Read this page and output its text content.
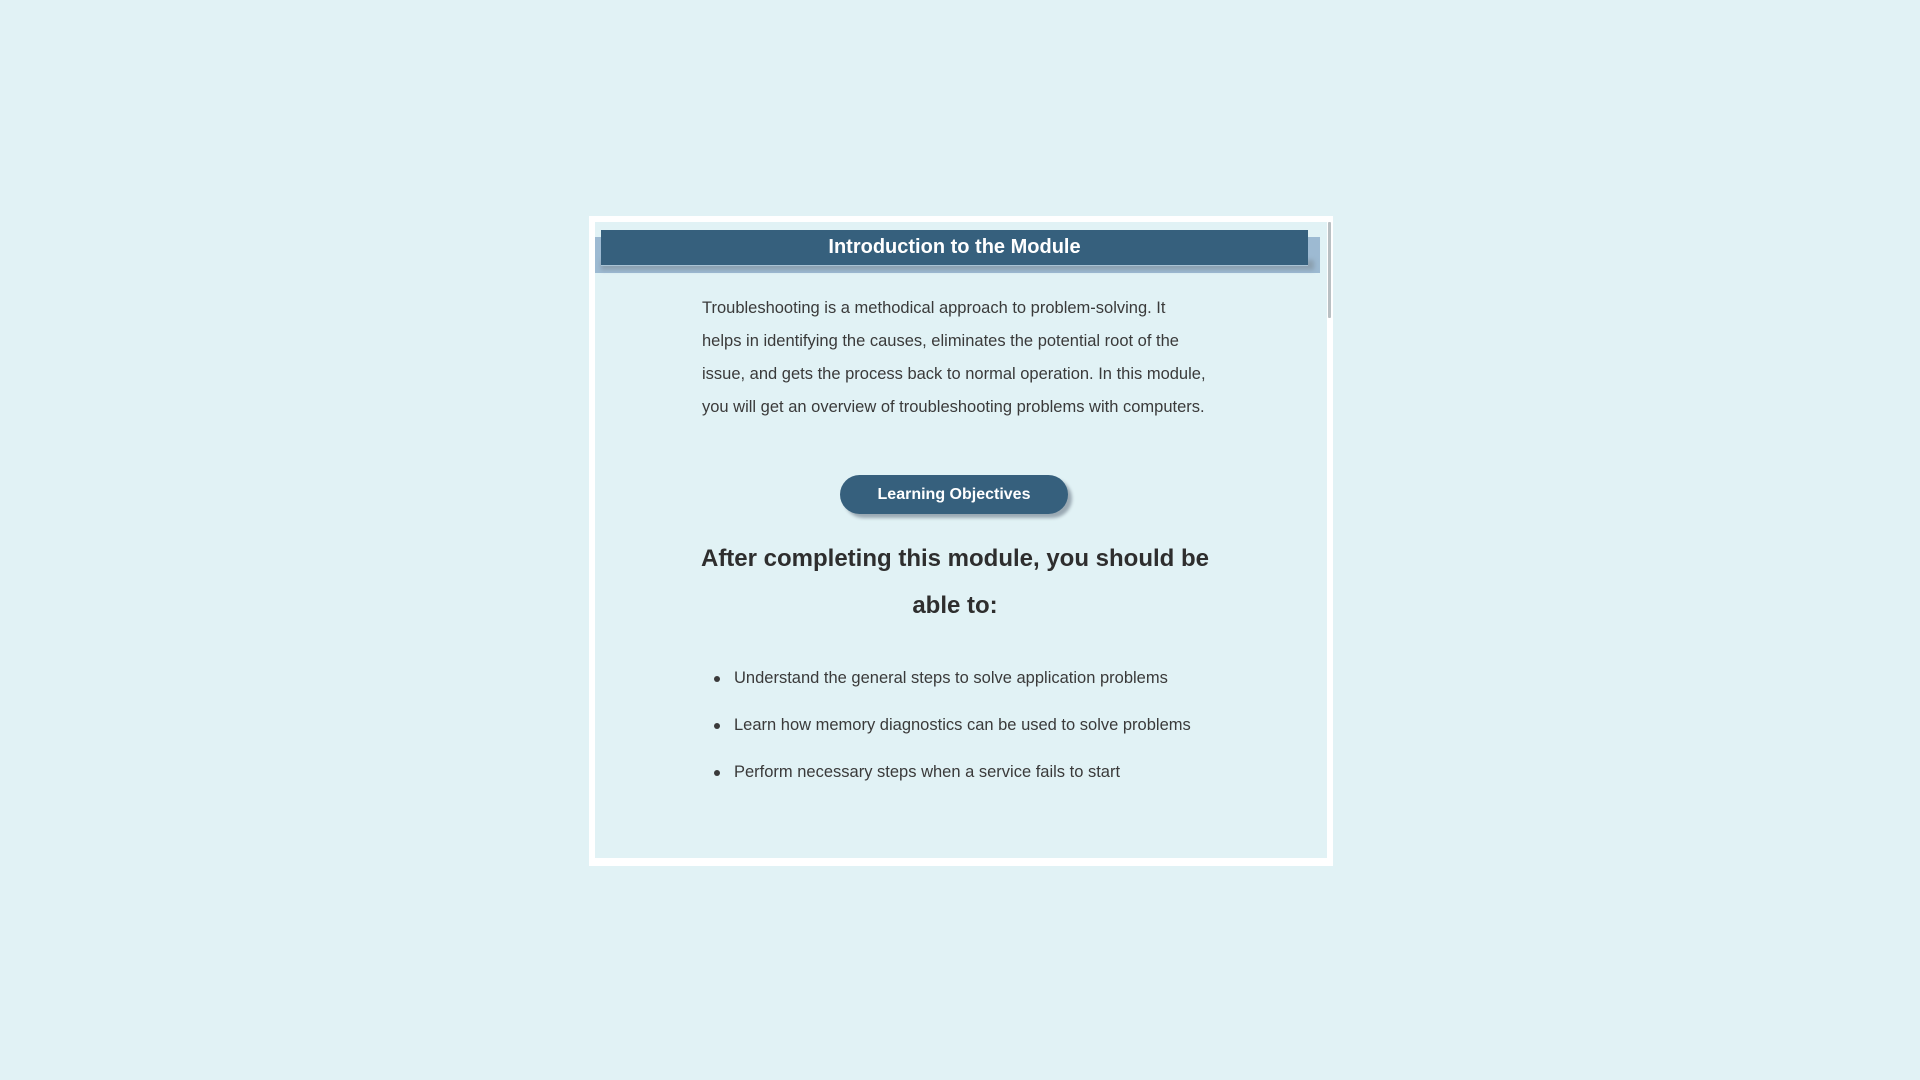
Introduction to the Module
Troubleshooting is a methodical approach to problem-solving. It helps in identifying the causes, eliminates the potential root of the issue, and gets the process back to normal operation. In this module, you will get an overview of troubleshooting problems with computers.
Learning Objectives
After completing this module, you should be able to:
Understand the general steps to solve application problems
Learn how memory diagnostics can be used to solve problems
Perform necessary steps when a service fails to start
